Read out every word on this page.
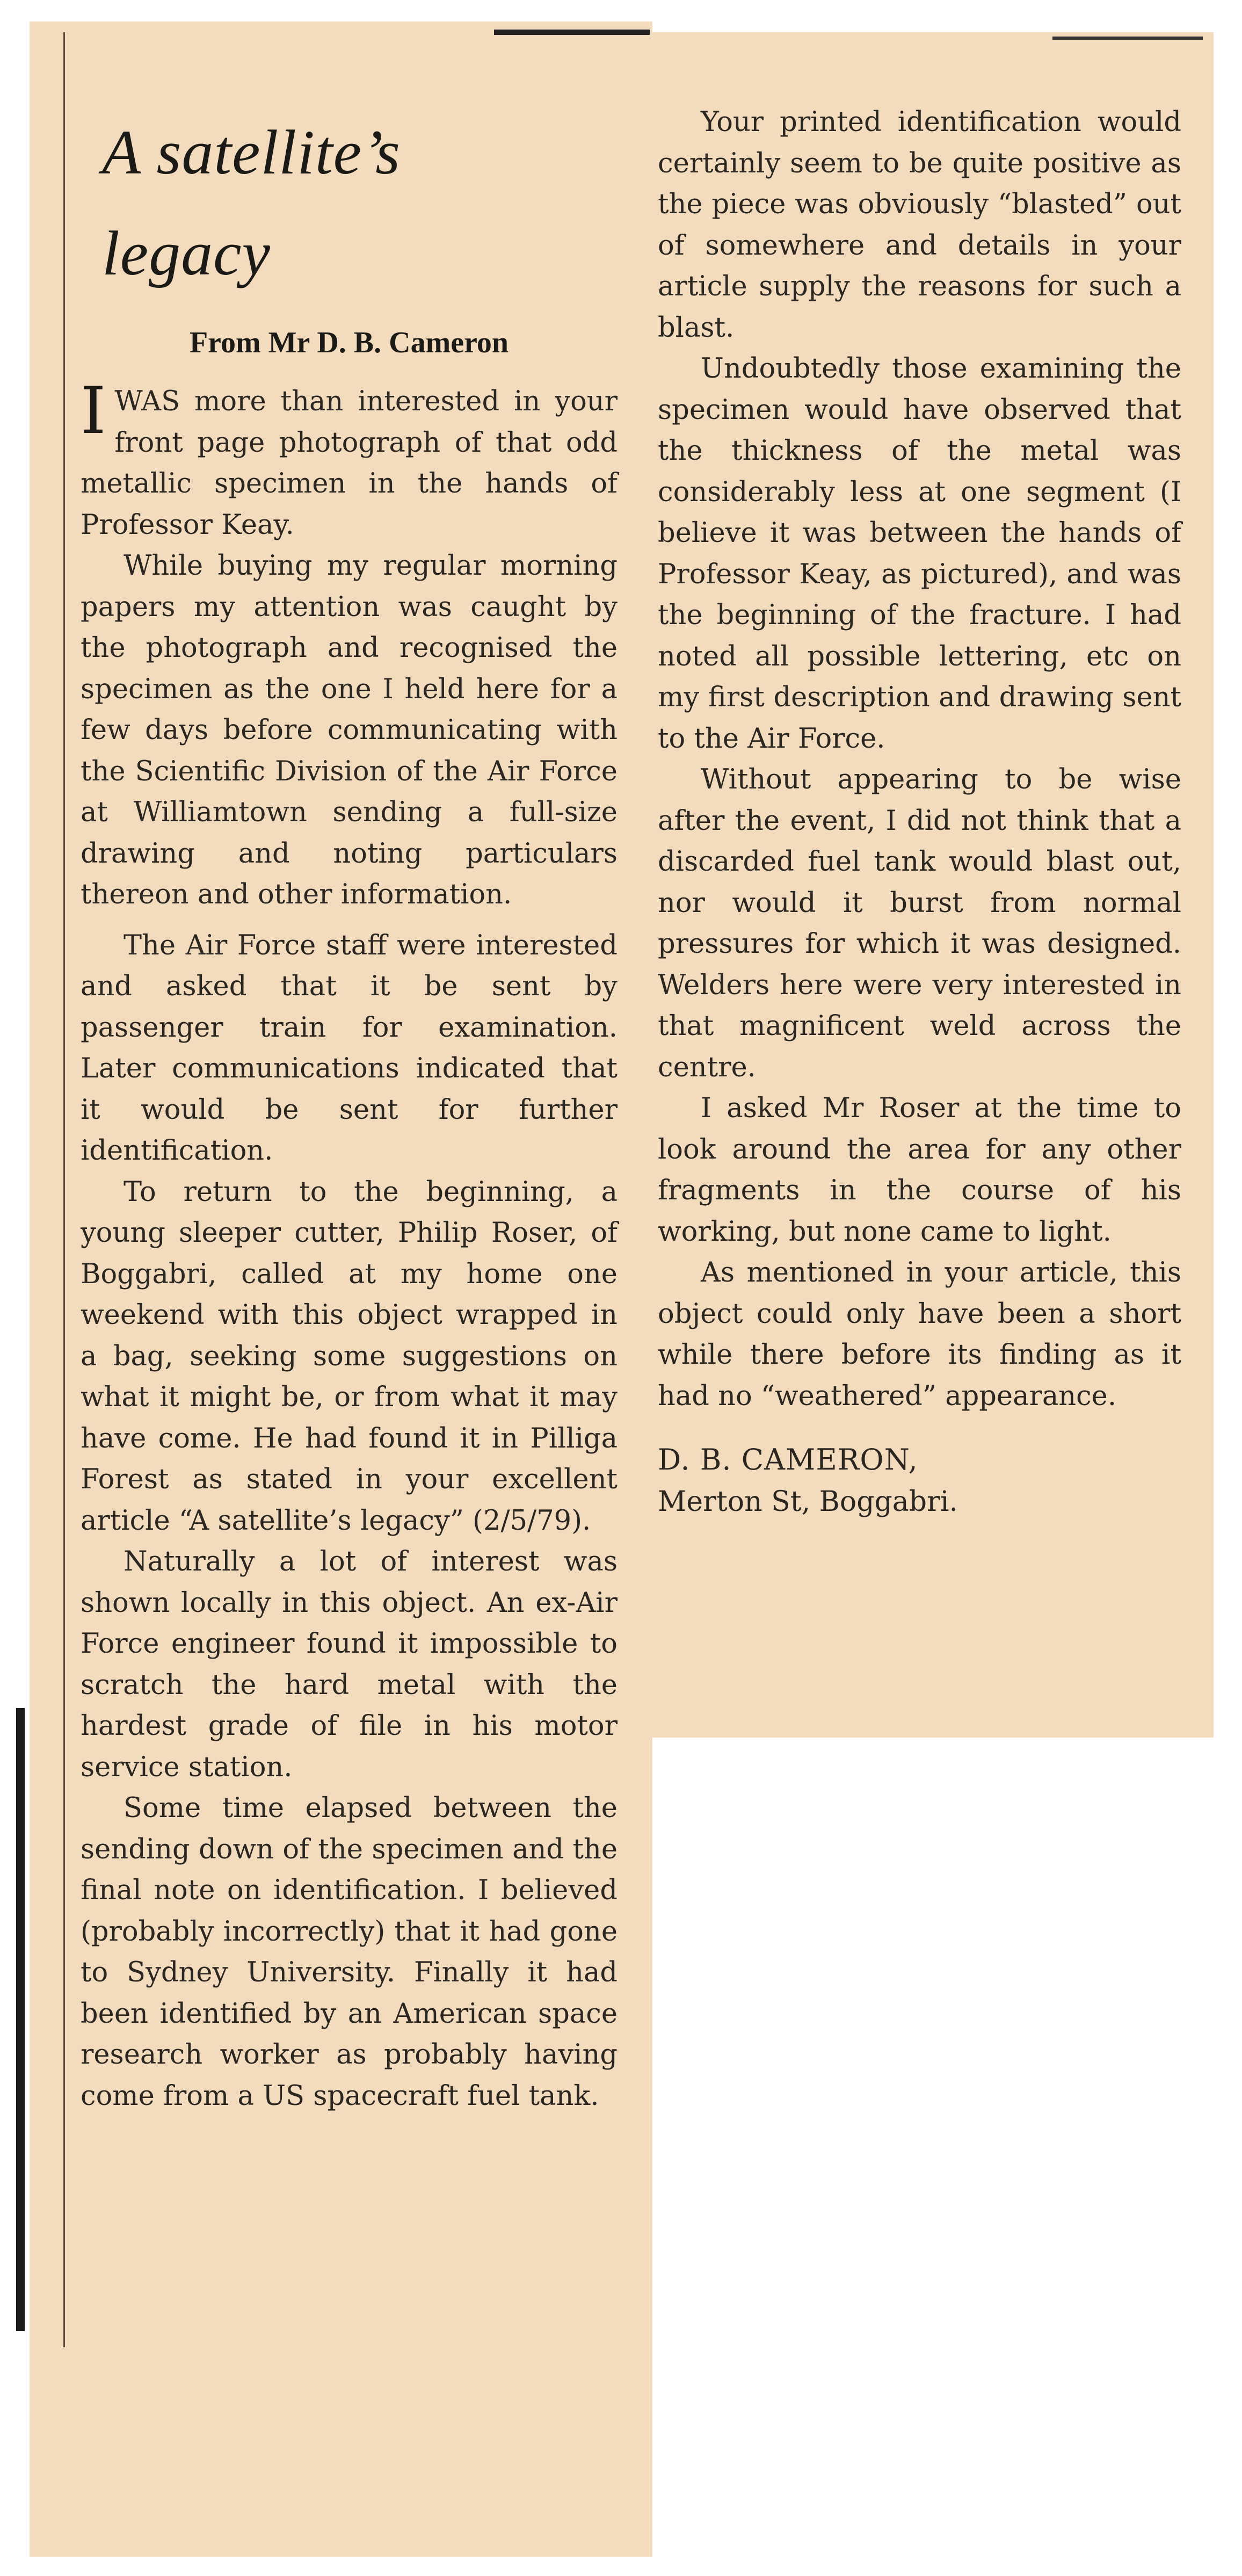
A satellite’s
legacy
From Mr D. B. Cameron

I WAS more than interested in your front page photograph of that odd metallic specimen in the hands of Professor Keay.

While buying my regular morning papers my attention was caught by the photograph and recognised the specimen as the one I held here for a few days before communicating with the Scientific Division of the Air Force at Williamtown sending a full-size drawing and noting particulars thereon and other information.

The Air Force staff were interested and asked that it be sent by passenger train for examination. Later communications indicated that it would be sent for further identification.

To return to the beginning, a young sleeper cutter, Philip Roser, of Boggabri, called at my home one weekend with this object wrapped in a bag, seeking some suggestions on what it might be, or from what it may have come. He had found it in Pilliga Forest as stated in your excellent article “A satellite’s legacy” (2/5/79).

Naturally a lot of interest was shown locally in this object. An ex-Air Force engineer found it impossible to scratch the hard metal with the hardest grade of file in his motor service station.

Some time elapsed between the sending down of the specimen and the final note on identification. I believed (probably incorrectly) that it had gone to Sydney University. Finally it had been identified by an American space research worker as probably having come from a US spacecraft fuel tank.

Your printed identification would certainly seem to be quite positive as the piece was obviously “blasted” out of somewhere and details in your article supply the reasons for such a blast.

Undoubtedly those examining the specimen would have observed that the thickness of the metal was considerably less at one segment (I believe it was between the hands of Professor Keay, as pictured), and was the beginning of the fracture. I had noted all possible lettering, etc on my first description and drawing sent to the Air Force.

Without appearing to be wise after the event, I did not think that a discarded fuel tank would blast out, nor would it burst from normal pressures for which it was designed. Welders here were very interested in that magnificent weld across the centre.

I asked Mr Roser at the time to look around the area for any other fragments in the course of his working, but none came to light.

As mentioned in your article, this object could only have been a short while there before its finding as it had no “weathered” appearance.

D. B. CAMERON,

Merton St, Boggabri.
